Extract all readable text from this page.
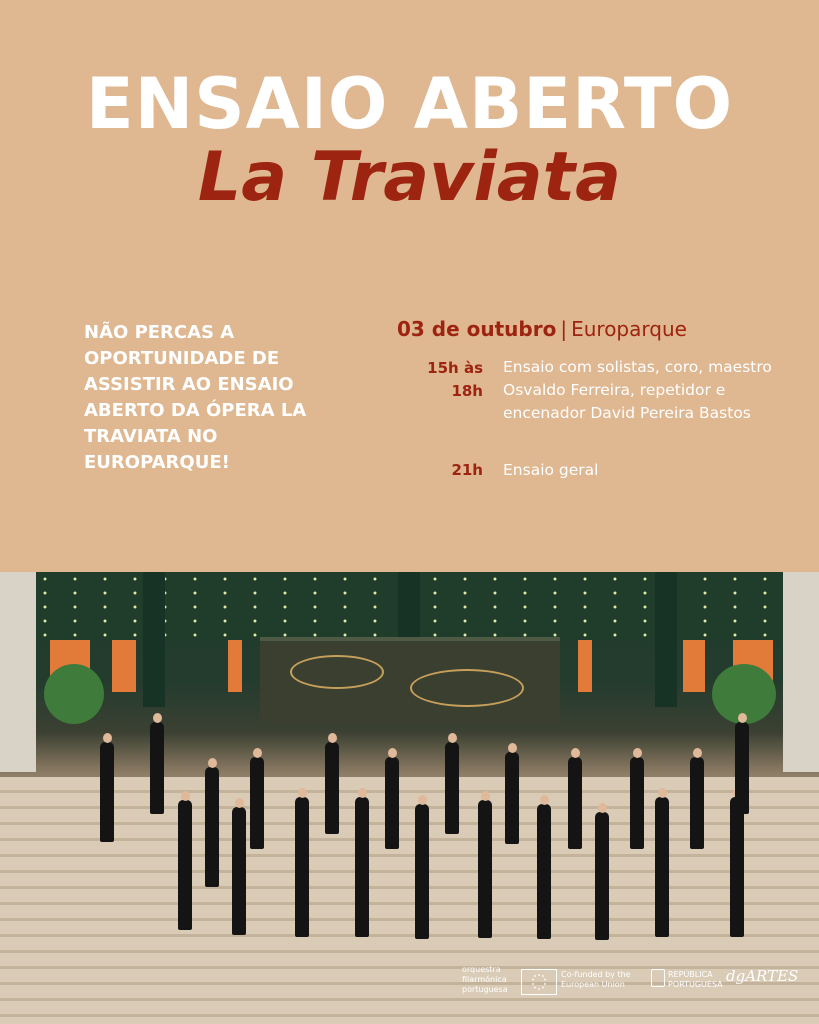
ENSAIO ABERTO
La Traviata
NÃO PERCAS A OPORTUNIDADE DE ASSISTIR AO ENSAIO ABERTO DA ÓPERA LA TRAVIATA NO EUROPARQUE!
03 de outubro | Europarque
15h às 18h
Ensaio com solistas, coro, maestro Osvaldo Ferreira, repetidor e encenador David Pereira Bastos
21h Ensaio geral
orquestra filarmónica portuguesa
Co-funded by the European Union
REPÚBLICA PORTUGUESA dgARTES
